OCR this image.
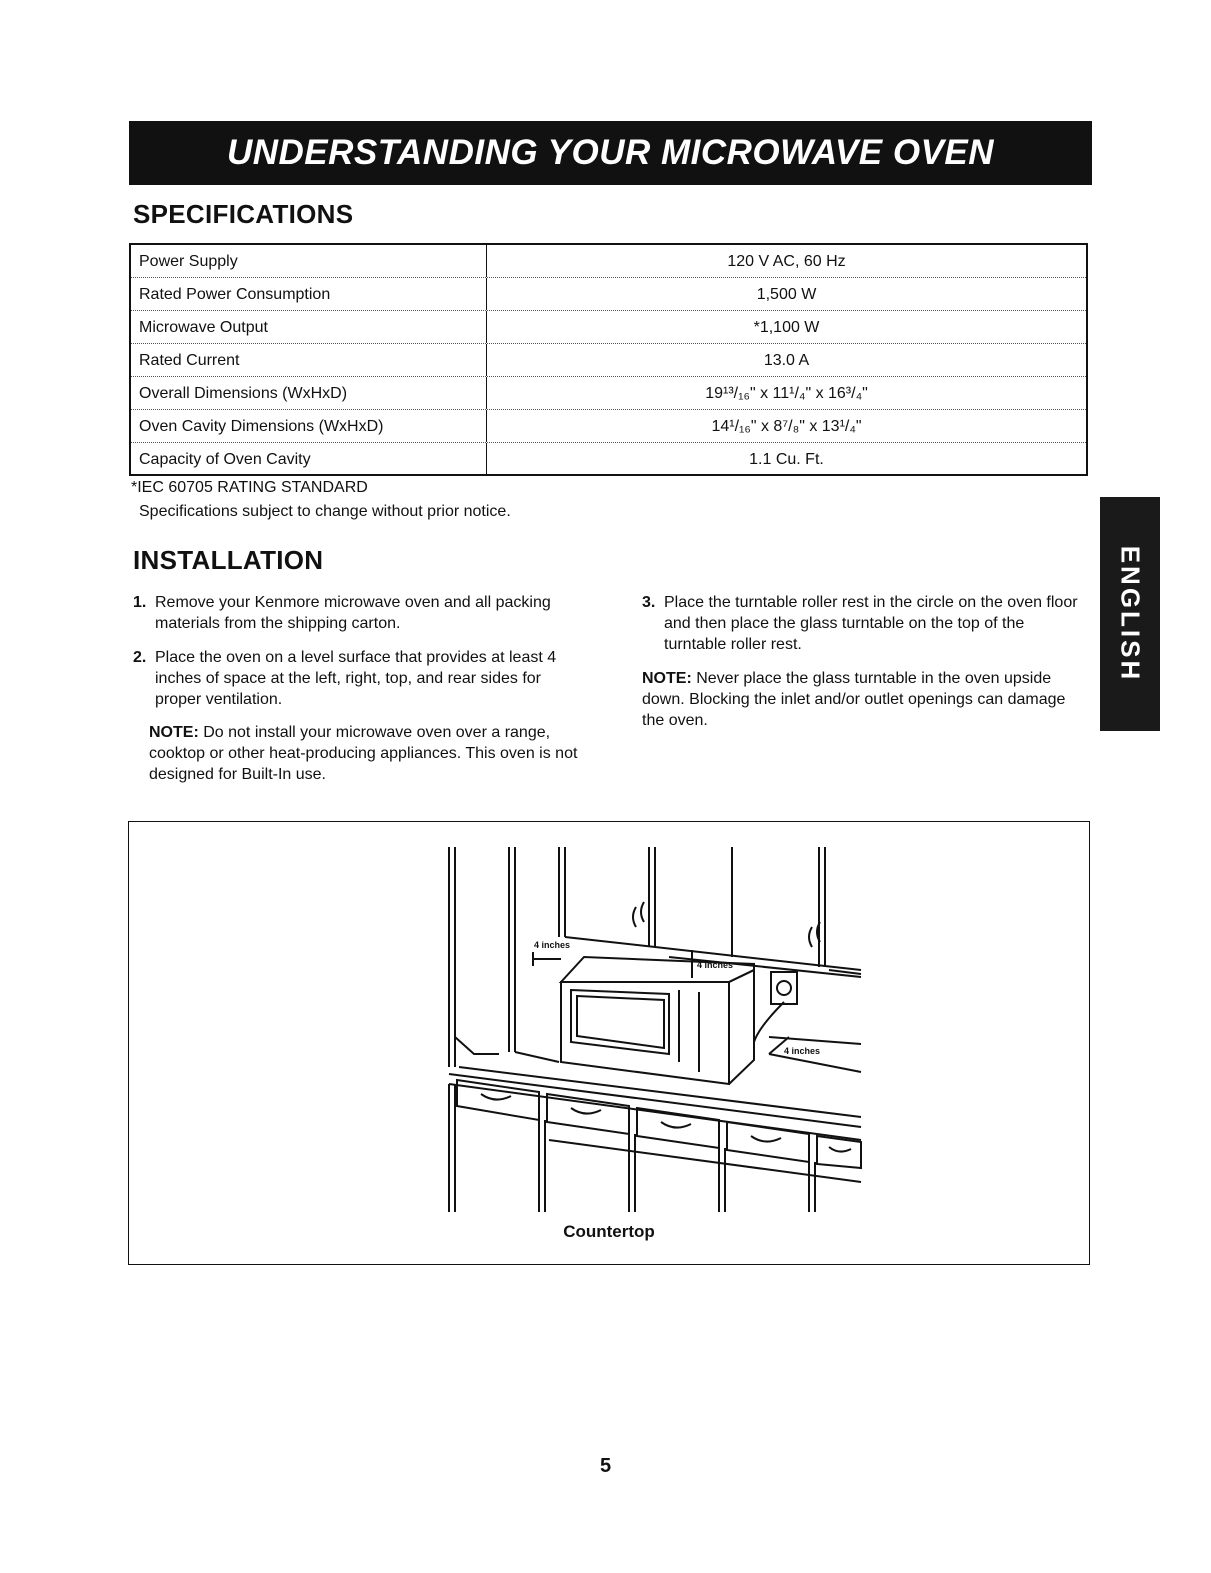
UNDERSTANDING YOUR MICROWAVE OVEN
SPECIFICATIONS
Power Supply	120 V AC, 60 Hz
Rated Power Consumption	1,500 W
Microwave Output	*1,100 W
Rated Current	13.0 A
Overall Dimensions (WxHxD)	19¹³/₁₆" x 11¹/₄" x 16³/₄"
Oven Cavity Dimensions (WxHxD)	14¹/₁₆" x 8⁷/₈" x 13¹/₄"
Capacity of Oven Cavity	1.1 Cu. Ft.
*IEC 60705 RATING STANDARD
Specifications subject to change without prior notice.
INSTALLATION
1. Remove your Kenmore microwave oven and all packing materials from the shipping carton.
2. Place the oven on a level surface that provides at least 4 inches of space at the left, right, top, and rear sides for proper ventilation.
NOTE: Do not install your microwave oven over a range, cooktop or other heat-producing appliances. This oven is not designed for Built-In use.
3. Place the turntable roller rest in the circle on the oven floor and then place the glass turntable on the top of the turntable roller rest.
NOTE: Never place the glass turntable in the oven upside down. Blocking the inlet and/or outlet openings can damage the oven.
ENGLISH
4 inches
4 inches
4 inches
Countertop
5
